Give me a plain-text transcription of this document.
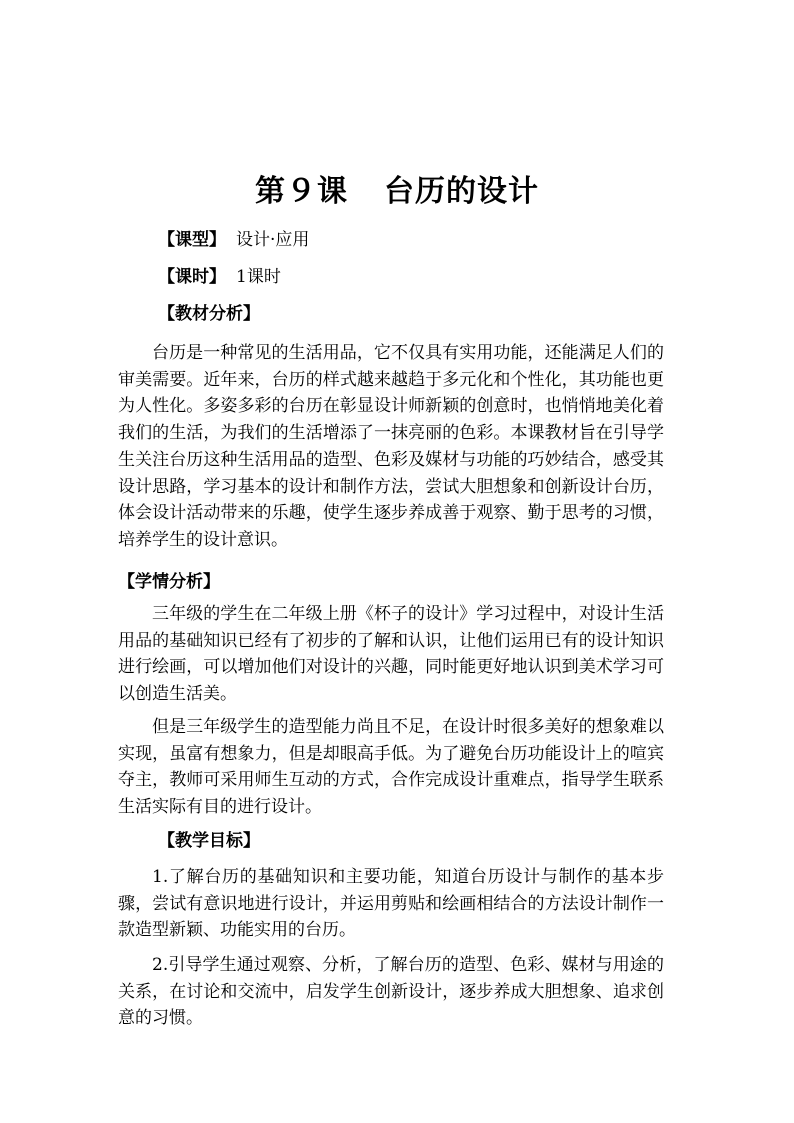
第９课 台历的设计
【课型】 设计·应用
【课时】 1课时
【教材分析】

台历是一种常见的生活用品，它不仅具有实用功能，还能满足人们的审美需要。近年来，台历的样式越来越趋于多元化和个性化，其功能也更为人性化。多姿多彩的台历在彰显设计师新颖的创意时，也悄悄地美化着我们的生活，为我们的生活增添了一抹亮丽的色彩。本课教材旨在引导学生关注台历这种生活用品的造型、色彩及媒材与功能的巧妙结合，感受其设计思路，学习基本的设计和制作方法，尝试大胆想象和创新设计台历，体会设计活动带来的乐趣，使学生逐步养成善于观察、勤于思考的习惯，培养学生的设计意识。

【学情分析】

三年级的学生在二年级上册《杯子的设计》学习过程中，对设计生活用品的基础知识已经有了初步的了解和认识，让他们运用已有的设计知识进行绘画，可以增加他们对设计的兴趣，同时能更好地认识到美术学习可以创造生活美。

但是三年级学生的造型能力尚且不足，在设计时很多美好的想象难以实现，虽富有想象力，但是却眼高手低。为了避免台历功能设计上的喧宾夺主，教师可采用师生互动的方式，合作完成设计重难点，指导学生联系生活实际有目的进行设计。

【教学目标】

1.了解台历的基础知识和主要功能，知道台历设计与制作的基本步骤，尝试有意识地进行设计，并运用剪贴和绘画相结合的方法设计制作一款造型新颖、功能实用的台历。

2.引导学生通过观察、分析，了解台历的造型、色彩、媒材与用途的关系，在讨论和交流中，启发学生创新设计，逐步养成大胆想象、追求创意的习惯。
